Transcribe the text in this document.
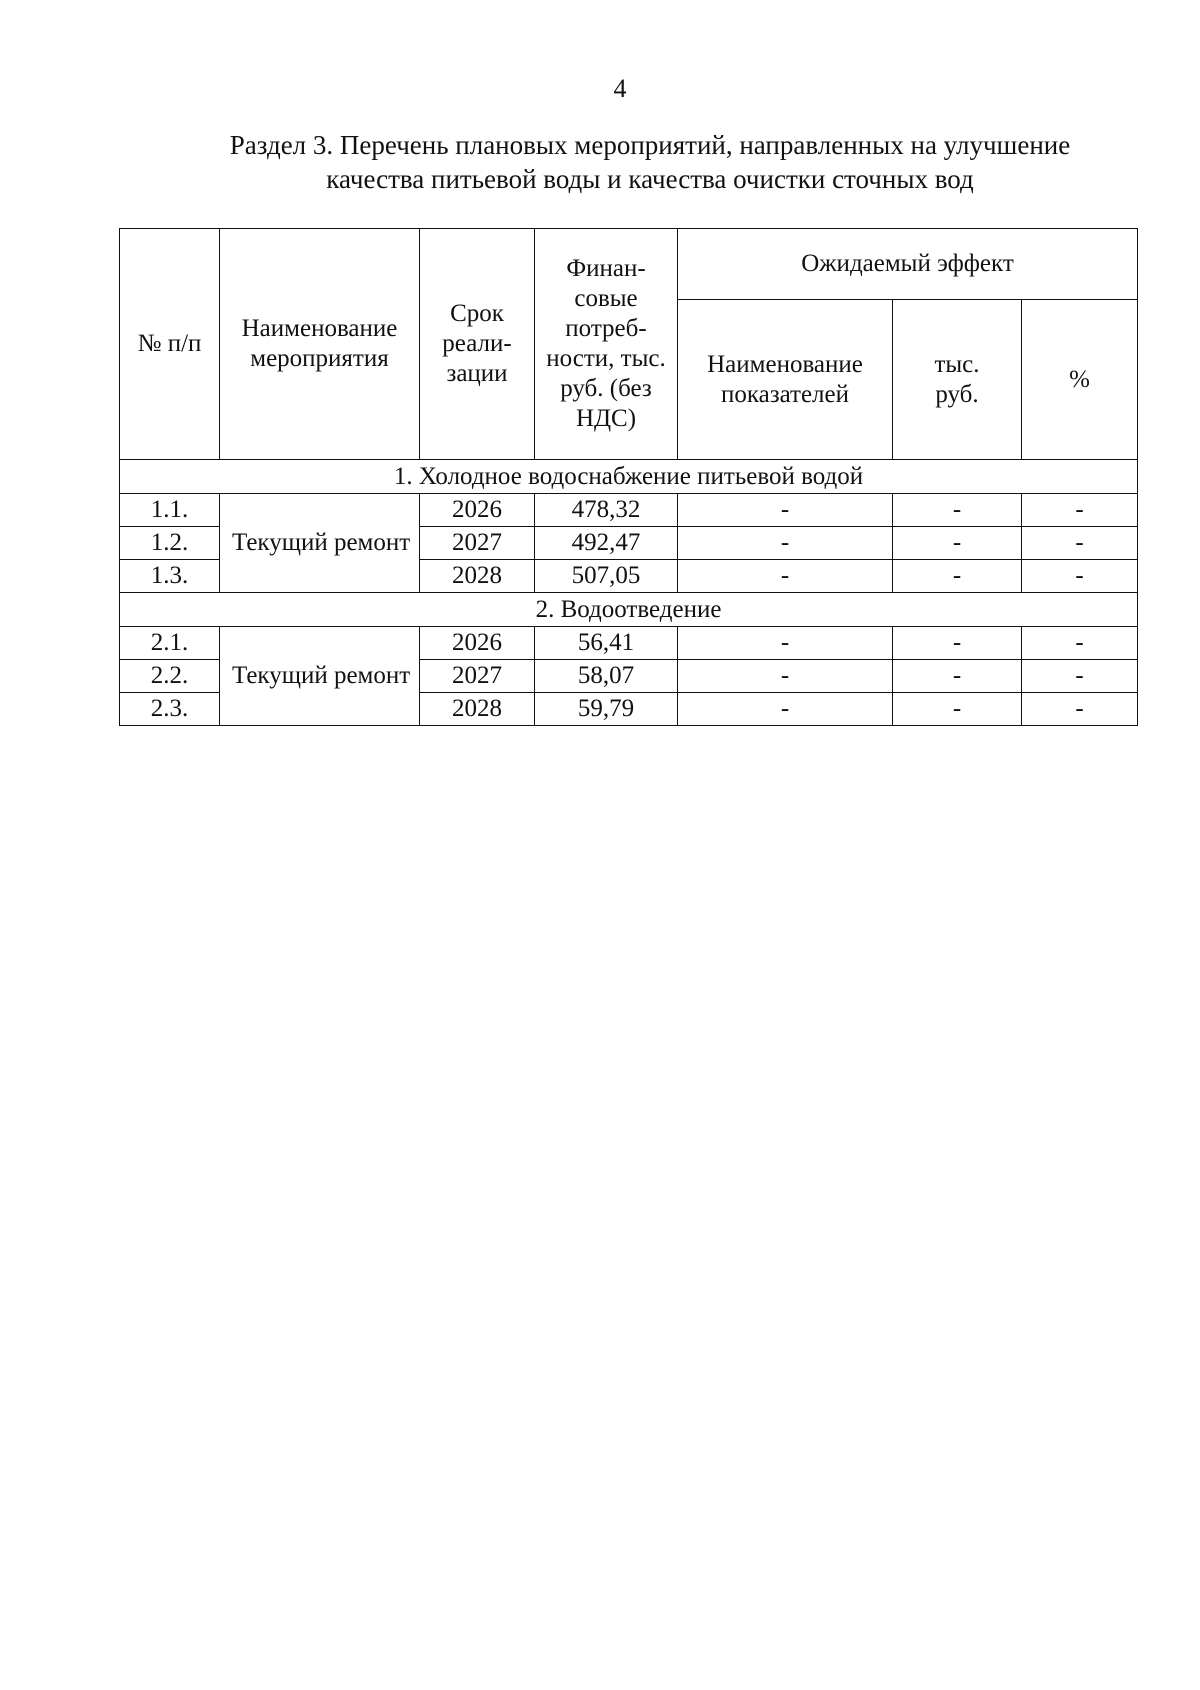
4
Раздел 3. Перечень плановых мероприятий, направленных на улучшение
качества питьевой воды и качества очистки сточных вод
№ п/п	Наименование мероприятия	Срок реали-зации	Финан-совые потреб-ности, тыс. руб. (без НДС)	Ожидаемый эффект		
				Наименование показателей	тыс. руб.	%
1. Холодное водоснабжение питьевой водой						
1.1.	Текущий ремонт	2026	478,32	-	-	-
1.2.		2027	492,47	-	-	-
1.3.		2028	507,05	-	-	-
2. Водоотведение						
2.1.	Текущий ремонт	2026	56,41	-	-	-
2.2.		2027	58,07	-	-	-
2.3.		2028	59,79	-	-	-
